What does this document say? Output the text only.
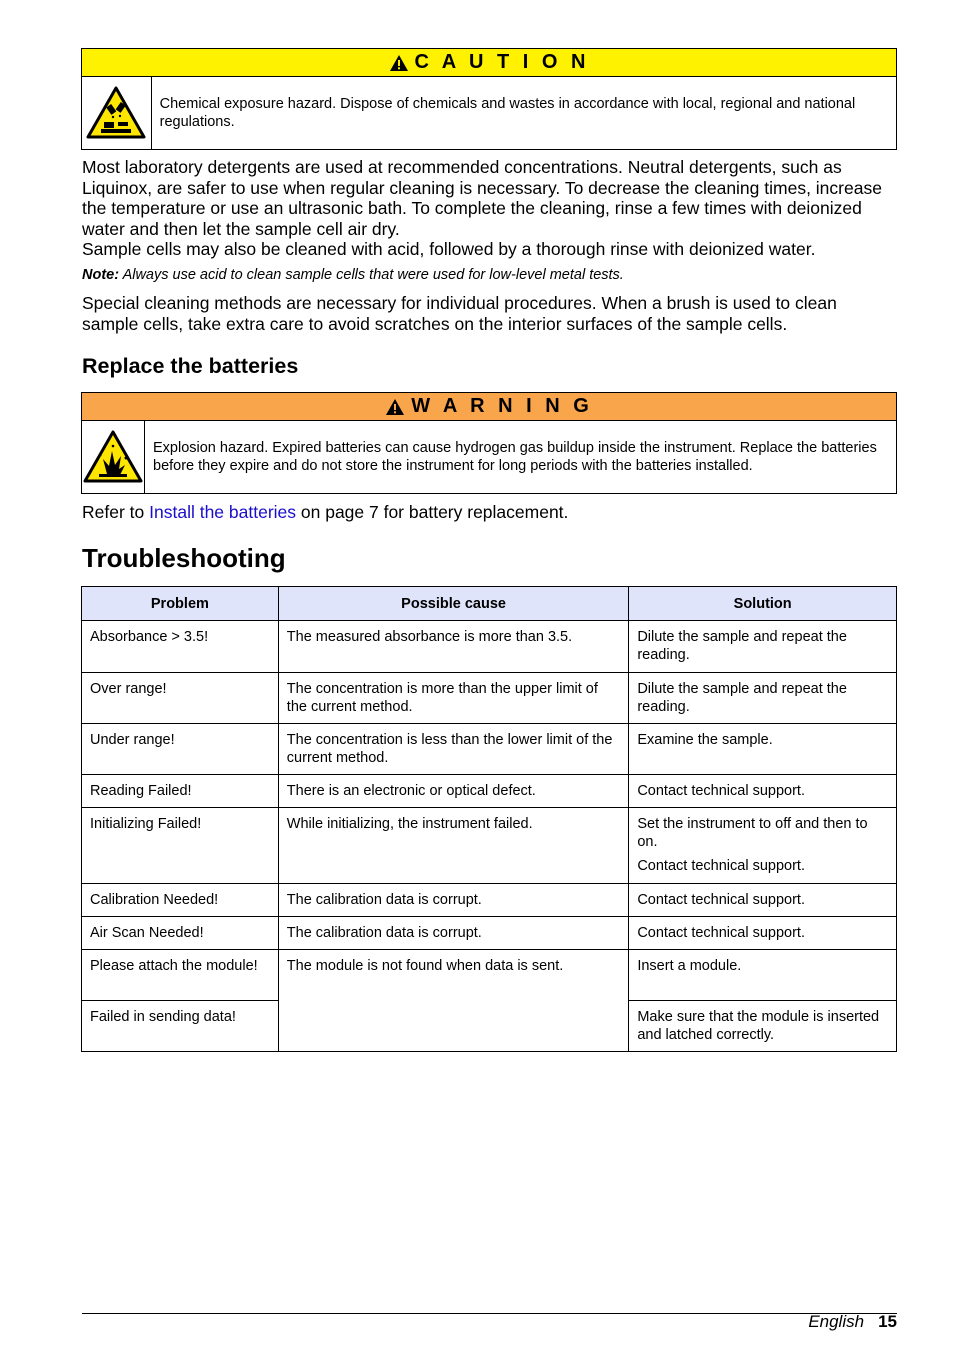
C A U T I O N
Chemical exposure hazard. Dispose of chemicals and wastes in accordance with local, regional and national regulations.
Most laboratory detergents are used at recommended concentrations. Neutral detergents, such as Liquinox, are safer to use when regular cleaning is necessary. To decrease the cleaning times, increase the temperature or use an ultrasonic bath. To complete the cleaning, rinse a few times with deionized water and then let the sample cell air dry.
Sample cells may also be cleaned with acid, followed by a thorough rinse with deionized water.
Note: Always use acid to clean sample cells that were used for low-level metal tests.
Special cleaning methods are necessary for individual procedures. When a brush is used to clean sample cells, take extra care to avoid scratches on the interior surfaces of the sample cells.
Replace the batteries
W A R N I N G
Explosion hazard. Expired batteries can cause hydrogen gas buildup inside the instrument. Replace the batteries before they expire and do not store the instrument for long periods with the batteries installed.
Refer to Install the batteries on page 7 for battery replacement.
Troubleshooting
Problem	Possible cause	Solution
Absorbance > 3.5!	The measured absorbance is more than 3.5.	Dilute the sample and repeat the reading.
Over range!	The concentration is more than the upper limit of the current method.	Dilute the sample and repeat the reading.
Under range!	The concentration is less than the lower limit of the current method.	Examine the sample.
Reading Failed!	There is an electronic or optical defect.	Contact technical support.
Initializing Failed!	While initializing, the instrument failed.	Set the instrument to off and then to on.

Contact technical support.

Calibration Needed!	The calibration data is corrupt.	Contact technical support.
Air Scan Needed!	The calibration data is corrupt.	Contact technical support.
Please attach the module!	The module is not found when data is sent.	Insert a module.
Failed in sending data!		Make sure that the module is inserted and latched correctly.
English 15
